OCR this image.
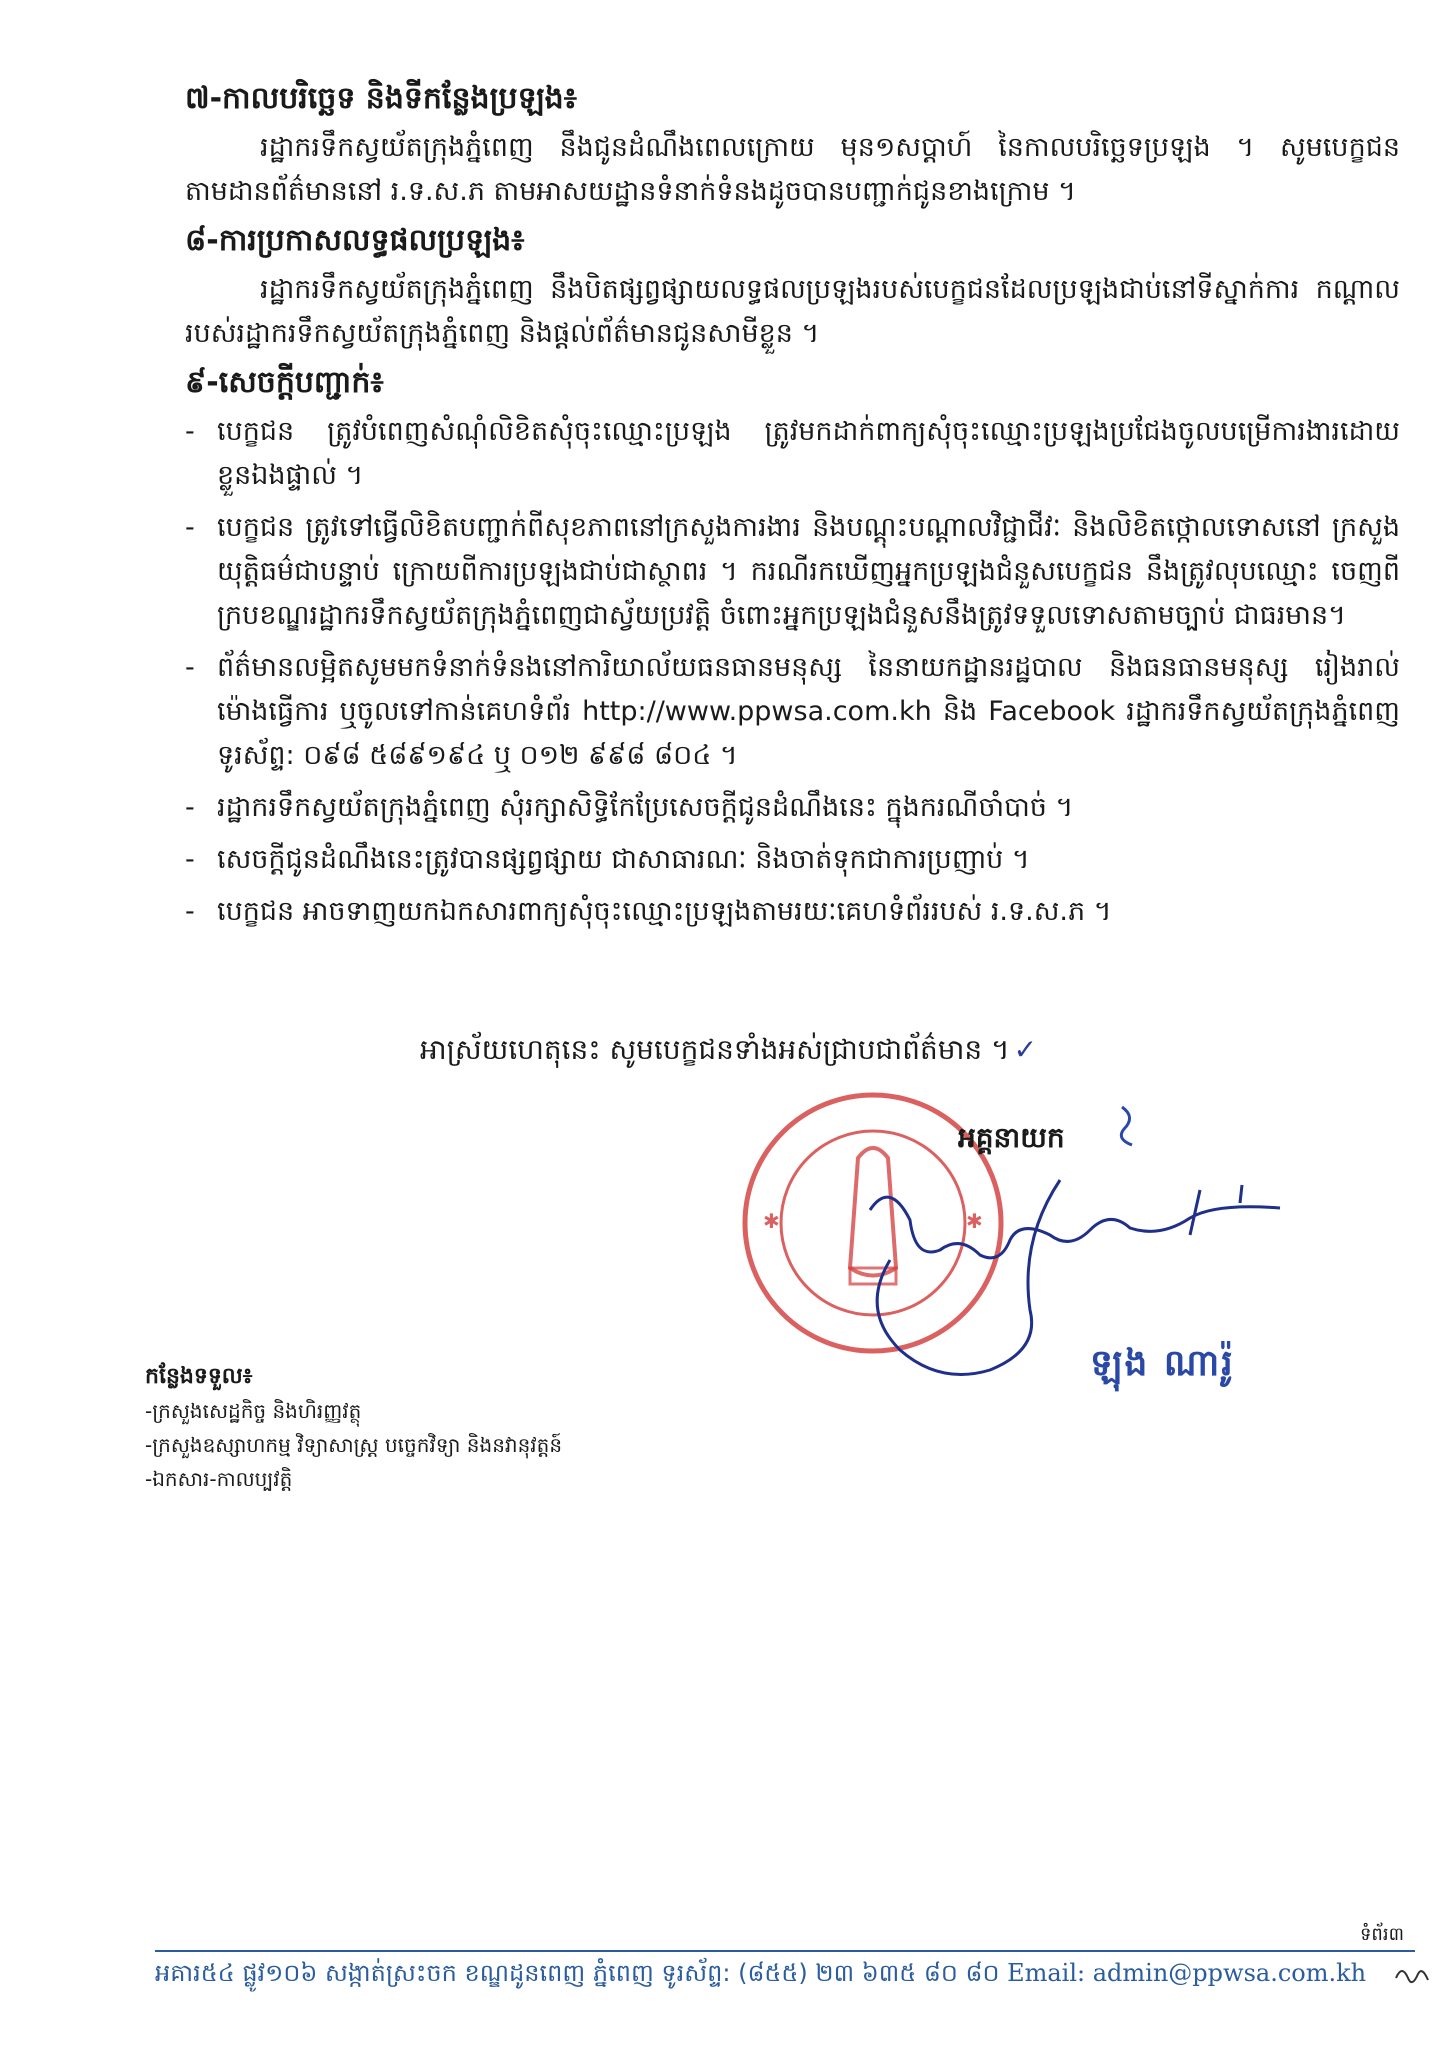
៧-កាលបរិច្ឆេទ និងទីកន្លែងប្រឡង៖

រដ្ឋាករទឹកស្វយ័តក្រុងភ្នំពេញ នឹងជូនដំណឹងពេលក្រោយ មុន១សប្តាហ៍ នៃកាលបរិច្ឆេទប្រឡង ។ សូមបេក្ខជន តាមដានព័ត៌មាននៅ រ.ទ.ស.ភ តាមអាសយដ្ឋានទំនាក់ទំនងដូចបានបញ្ជាក់ជូនខាងក្រោម ។

៨-ការប្រកាសលទ្ធផលប្រឡង៖

រដ្ឋាករទឹកស្វយ័តក្រុងភ្នំពេញ នឹងបិតផ្សព្វផ្សាយលទ្ធផលប្រឡងរបស់បេក្ខជនដែលប្រឡងជាប់នៅទីស្នាក់ការ កណ្តាលរបស់រដ្ឋាករទឹកស្វយ័តក្រុងភ្នំពេញ និងផ្តល់ព័ត៌មានជូនសាមីខ្លួន ។

៩-សេចក្តីបញ្ជាក់៖
- បេក្ខជន ត្រូវបំពេញសំណុំលិខិតសុំចុះឈ្មោះប្រឡង ត្រូវមកដាក់ពាក្យសុំចុះឈ្មោះប្រឡងប្រជែងចូលបម្រើការងារដោយ ខ្លួនឯងផ្ទាល់ ។
- បេក្ខជន ត្រូវទៅធ្វើលិខិតបញ្ជាក់ពីសុខភាពនៅក្រសួងការងារ និងបណ្តុះបណ្តាលវិជ្ជាជីវៈ និងលិខិតថ្កោលទោសនៅ ក្រសួងយុត្តិធម៌ជាបន្ទាប់ ក្រោយពីការប្រឡងជាប់ជាស្ថាពរ ។ ករណីរកឃើញអ្នកប្រឡងជំនួសបេក្ខជន នឹងត្រូវលុបឈ្មោះ ចេញពីក្របខណ្ឌរដ្ឋាករទឹកស្វយ័តក្រុងភ្នំពេញជាស្វ័យប្រវត្តិ ចំពោះអ្នកប្រឡងជំនួសនឹងត្រូវទទួលទោសតាមច្បាប់ ជាធរមាន។
- ព័ត៌មានលម្អិតសូមមកទំនាក់ទំនងនៅការិយាល័យធនធានមនុស្ស នៃនាយកដ្ឋានរដ្ឋបាល និងធនធានមនុស្ស រៀងរាល់ ម៉ោងធ្វើការ ឬចូលទៅកាន់គេហទំព័រ http://www.ppwsa.com.kh និង Facebook រដ្ឋាករទឹកស្វយ័តក្រុងភ្នំពេញ ទូរស័ព្ទ: ០៩៨ ៥៨៩១៩៤ ឬ ០១២ ៩៩៨ ៨០៤ ។
- រដ្ឋាករទឹកស្វយ័តក្រុងភ្នំពេញ សុំរក្សាសិទ្ធិកែប្រែសេចក្តីជូនដំណឹងនេះ ក្នុងករណីចាំបាច់ ។
- សេចក្តីជូនដំណឹងនេះត្រូវបានផ្សព្វផ្សាយ ជាសាធារណៈ និងចាត់ទុកជាការប្រញាប់ ។
- បេក្ខជន អាចទាញយកឯកសារពាក្យសុំចុះឈ្មោះប្រឡងតាមរយៈគេហទំព័ររបស់ រ.ទ.ស.ភ ។
អាស្រ័យហេតុនេះ សូមបេក្ខជនទាំងអស់ជ្រាបជាព័ត៌មាន ។ ✓
✱	✱
អគ្គនាយក
ឡុង ណារ៉ូ
កន្លែងទទួល៖
-ក្រសួងសេដ្ឋកិច្ច និងហិរញ្ញវត្ថុ
-ក្រសួងឧស្សាហកម្ម វិទ្យាសាស្ត្រ បច្ចេកវិទ្យា និងនវានុវត្តន៍
-ឯកសារ-កាលប្បវត្តិ
ទំព័រ៣
អគារ៥៤ ផ្លូវ១០៦ សង្កាត់ស្រះចក ខណ្ឌដូនពេញ ភ្នំពេញ ទូរស័ព្ទ: (៨៥៥) ២៣ ៦៣៥ ៨០ ៨០ Email: admin@ppwsa.com.kh
